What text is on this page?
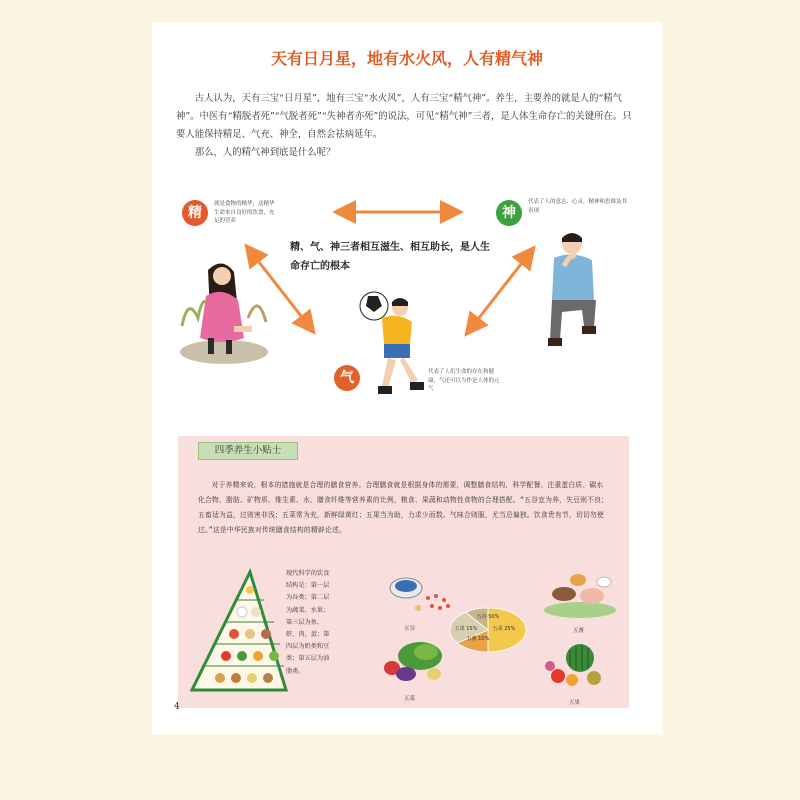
天有日月星，地有水火风，人有精气神

古人认为，天有三宝“日月星”，地有三宝“水火风”，人有三宝“精气神”。养生，主要养的就是人的“精气神”。中医有“精脱者死”“气脱者死”“失神者亦死”的说法，可见“精气神”三者，是人体生命存亡的关键所在。只要人能保持精足、气充、神全，自然会祛病延年。

那么，人的精气神到底是什么呢？

精
就是食物的精华，这精华生命来自良好的饮食，充足的营养	神
代表了人的意志、心灵，精神和思维及其表现
气	代表了人们生命的存在和健康，气还可以当作是人体的元气
精、气、神三者相互滋生、相互助长，是人生命存亡的根本
四季养生小贴士
对于养精来说，根本的措施就是合理的膳食营养。合理膳食就是根据身体的需要，调整膳食结构，科学配餐。注重蛋白质、碳水化合物、脂肪、矿物质、维生素、水、膳食纤维等营养素的比例，粮食、果蔬和动物性食物的合理搭配。“五谷宜为养，失豆则不良；五畜适为益，过则害非浅；五菜常为充，新鲜绿黄红；五果当为助，力求少而数。气味合则服，尤当忌偏独。饮食贵有节，切切勿使过。”这是中华民族对传统膳食结构的精辟论述。
现代科学的饮食结构是：第一层为谷类；第二层为蔬菜、水果；第三层为鱼、虾、肉、蛋；第四层为奶类和豆类；第五层为油脂类。
五谷
五谷 50%
五果 15%	五菜 25%
五畜 10%
五畜
五菜
五果
4
